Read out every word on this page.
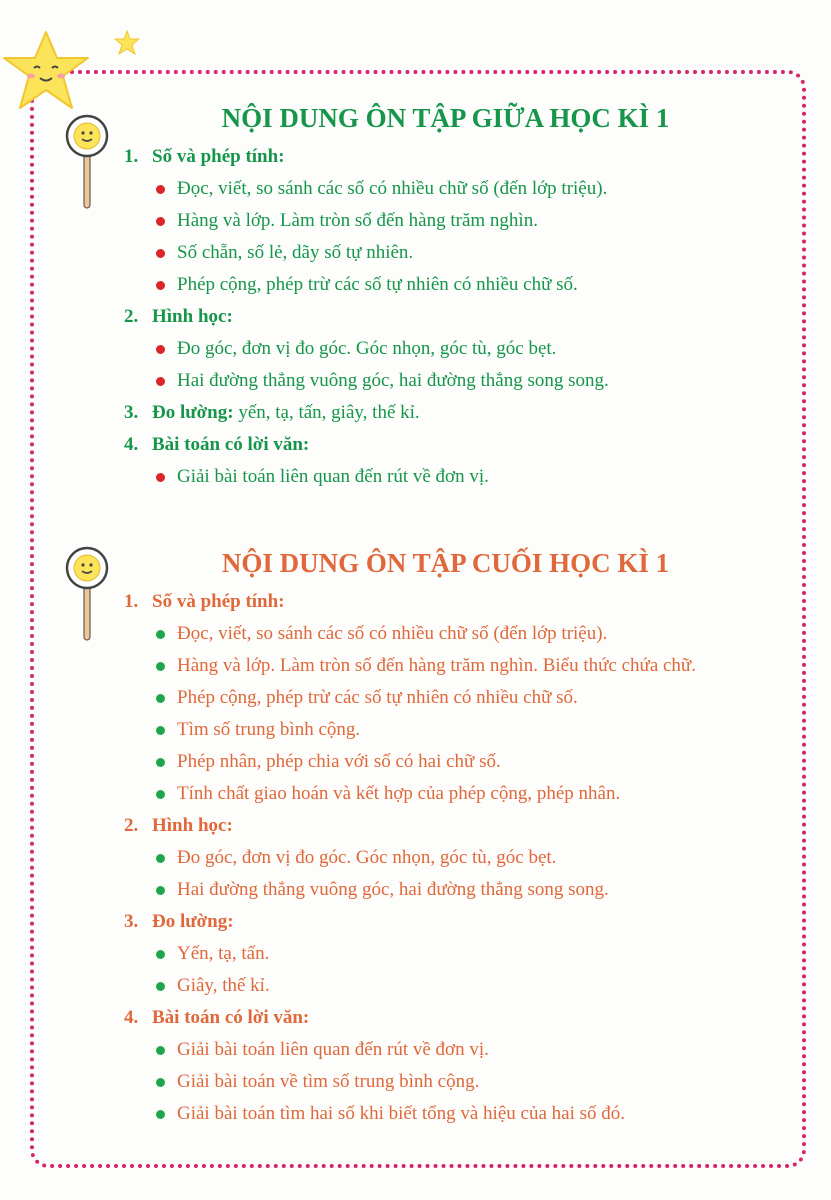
NỘI DUNG ÔN TẬP GIỮA HỌC KÌ 1
1. Số và phép tính:
Đọc, viết, so sánh các số có nhiều chữ số (đến lớp triệu).
Hàng và lớp. Làm tròn số đến hàng trăm nghìn.
Số chẵn, số lẻ, dãy số tự nhiên.
Phép cộng, phép trừ các số tự nhiên có nhiều chữ số.
2. Hình học:
Đo góc, đơn vị đo góc. Góc nhọn, góc tù, góc bẹt.
Hai đường thẳng vuông góc, hai đường thẳng song song.
3. Đo lường: yến, tạ, tấn, giây, thế kỉ.
4. Bài toán có lời văn:
Giải bài toán liên quan đến rút về đơn vị.
NỘI DUNG ÔN TẬP CUỐI HỌC KÌ 1
1. Số và phép tính:
Đọc, viết, so sánh các số có nhiều chữ số (đến lớp triệu).
Hàng và lớp. Làm tròn số đến hàng trăm nghìn. Biểu thức chứa chữ.
Phép cộng, phép trừ các số tự nhiên có nhiều chữ số.
Tìm số trung bình cộng.
Phép nhân, phép chia với số có hai chữ số.
Tính chất giao hoán và kết hợp của phép cộng, phép nhân.
2. Hình học:
Đo góc, đơn vị đo góc. Góc nhọn, góc tù, góc bẹt.
Hai đường thẳng vuông góc, hai đường thẳng song song.
3. Đo lường:
Yến, tạ, tấn.
Giây, thế kỉ.
4. Bài toán có lời văn:
Giải bài toán liên quan đến rút về đơn vị.
Giải bài toán về tìm số trung bình cộng.
Giải bài toán tìm hai số khi biết tổng và hiệu của hai số đó.
